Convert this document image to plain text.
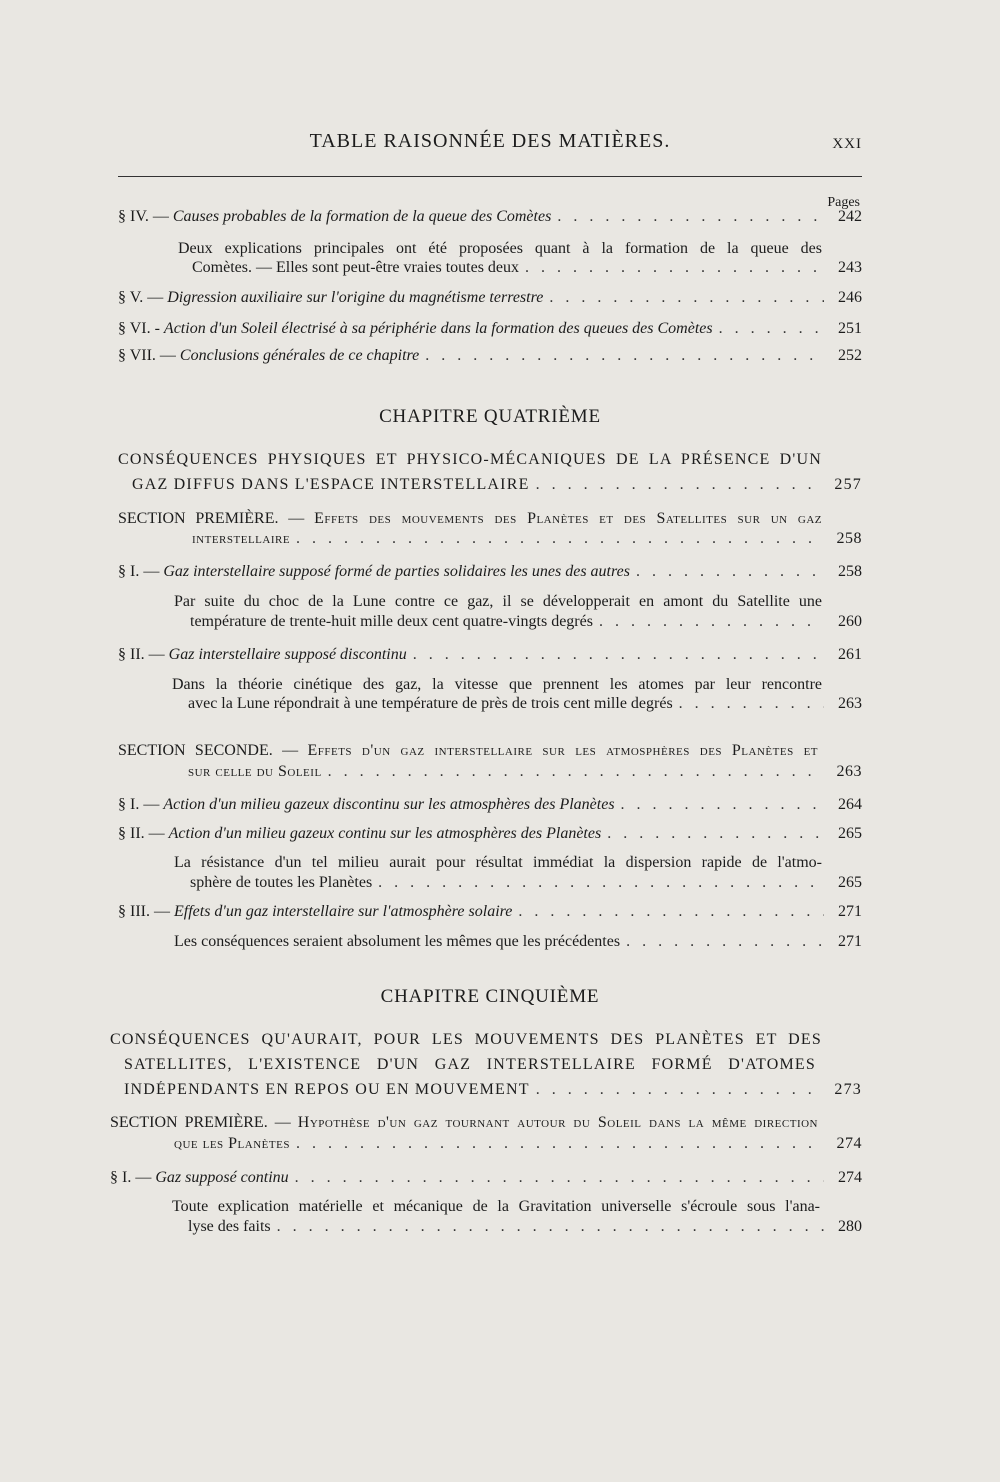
TABLE RAISONNÉE DES MATIÈRES.	XXI
Pages
§ IV. — Causes probables de la formation de la queue des Comètes . . .	242
Deux explications principales ont été proposées quant à la formation de la queue des
Comètes. — Elles sont peut-être vraies toutes deux . . .	243
§ V. — Digression auxiliaire sur l'origine du magnétisme terrestre . . .	246
§ VI. - Action d'un Soleil électrisé à sa périphérie dans la formation des queues des Comètes . . .	251
§ VII. — Conclusions générales de ce chapitre . . .	252
CHAPITRE QUATRIÈME
CONSÉQUENCES PHYSIQUES ET PHYSICO-MÉCANIQUES DE LA PRÉSENCE D'UN
GAZ DIFFUS DANS L'ESPACE INTERSTELLAIRE . . .	257
SECTION PREMIÈRE. — Effets des mouvements des Planètes et des Satellites sur un gaz
interstellaire . . .	258
§ I. — Gaz interstellaire supposé formé de parties solidaires les unes des autres . . .	258
Par suite du choc de la Lune contre ce gaz, il se développerait en amont du Satellite une
température de trente-huit mille deux cent quatre-vingts degrés . . .	260
§ II. — Gaz interstellaire supposé discontinu . . .	261
Dans la théorie cinétique des gaz, la vitesse que prennent les atomes par leur rencontre
avec la Lune répondrait à une température de près de trois cent mille degrés . . .	263
SECTION SECONDE. — Effets d'un gaz interstellaire sur les atmosphères des Planètes et
sur celle du Soleil . . .	263
§ I. — Action d'un milieu gazeux discontinu sur les atmosphères des Planètes . . .	264
§ II. — Action d'un milieu gazeux continu sur les atmosphères des Planètes . . .	265
La résistance d'un tel milieu aurait pour résultat immédiat la dispersion rapide de l'atmo-
sphère de toutes les Planètes . . .	265
§ III. — Effets d'un gaz interstellaire sur l'atmosphère solaire . . .	271
Les conséquences seraient absolument les mêmes que les précédentes . . .	271
CHAPITRE CINQUIÈME
CONSÉQUENCES QU'AURAIT, POUR LES MOUVEMENTS DES PLANÈTES ET DES
SATELLITES, L'EXISTENCE D'UN GAZ INTERSTELLAIRE FORMÉ D'ATOMES
INDÉPENDANTS EN REPOS OU EN MOUVEMENT . . .	273
SECTION PREMIÈRE. — Hypothèse d'un gaz tournant autour du Soleil dans la même direction
que les Planètes . . .	274
§ I. — Gaz supposé continu . . .	274
Toute explication matérielle et mécanique de la Gravitation universelle s'écroule sous l'ana-
lyse des faits . . .	280
